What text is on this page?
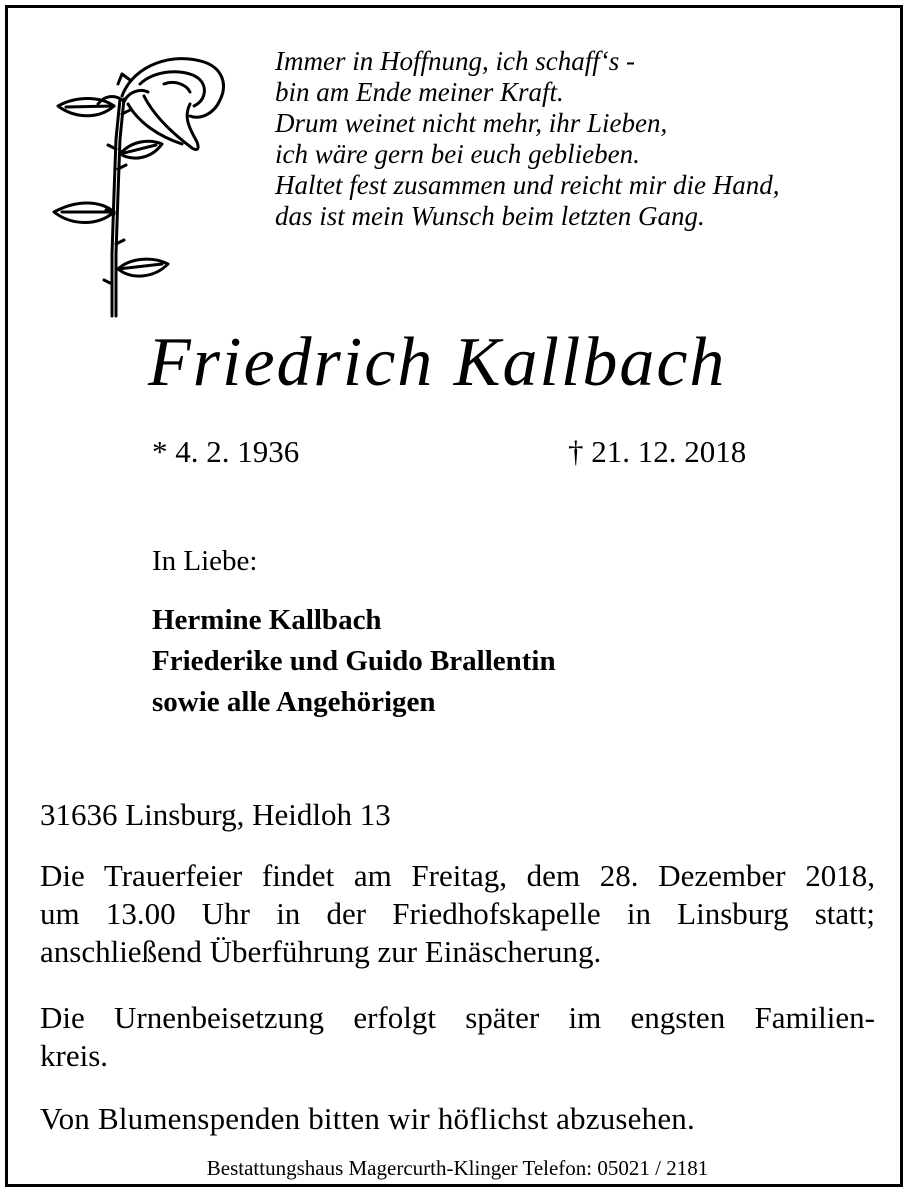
Immer in Hoffnung, ich schaff‘s -
bin am Ende meiner Kraft.
Drum weinet nicht mehr, ihr Lieben,
ich wäre gern bei euch geblieben.
Haltet fest zusammen und reicht mir die Hand,
das ist mein Wunsch beim letzten Gang.
Friedrich Kallbach
* 4. 2. 1936	† 21. 12. 2018
In Liebe:
Hermine Kallbach
Friederike und Guido Brallentin
sowie alle Angehörigen
31636 Linsburg, Heidloh 13
Die Trauerfeier findet am Freitag, dem 28. Dezember 2018,
um 13.00 Uhr in der Friedhofskapelle in Linsburg statt;
anschließend Überführung zur Einäscherung.
Die Urnenbeisetzung erfolgt später im engsten Familien-
kreis.
Von Blumenspenden bitten wir höflichst abzusehen.
Bestattungshaus Magercurth-Klinger Telefon: 05021 / 2181
